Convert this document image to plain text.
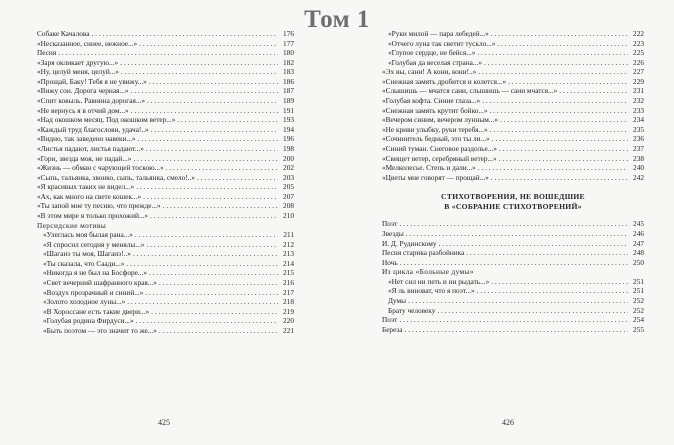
Том 1
Собаке Качалова . . .	176
«Несказанное, синее, нежное...» . . .	177
Песня . . .	180
«Заря окликает другую...» . . .	182
«Ну, целуй меня, целуй...» . . .	183
«Прощай, Баку! Тебя я не увижу...» . . .	186
«Вижу сон. Дорога черная...» . . .	187
«Спит ковыль. Равнина дорогая...» . . .	189
«Не вернусь я в отчий дом...» . . .	191
«Над окошком месяц. Под окошком ветер...» . . .	193
«Каждый труд благослови, удача!..» . . .	194
«Видно, так заведено навеки...» . . .	196
«Листья падают, листья падают...» . . .	198
«Гори, звезда моя, не падай...» . . .	200
«Жизнь — обман с чарующей тоскою...» . . .	202
«Сыпь, тальянка, звонко, сыпь, тальянка, смело!..» . . .	203
«Я красивых таких не видел...» . . .	205
«Ах, как много на свете кошек...» . . .	207
«Ты запой мне ту песню, что прежде...» . . .	208
«В этом мире я только прохожий...» . . .	210
Персидские мотивы
«Улеглась моя былая рана...» . . .	211
«Я спросил сегодня у менялы...» . . .	212
«Шаганэ ты моя, Шаганэ!..» . . .	213
«Ты сказала, что Саади...» . . .	214
«Никогда я не был на Босфоре...» . . .	215
«Свет вечерний шафранного края...» . . .	216
«Воздух прозрачный и синий...» . . .	217
«Золото холодное луны...» . . .	218
«В Хороссане есть такие двери...» . . .	219
«Голубая родина Фирдуси...» . . .	220
«Быть поэтом — это значит то же...» . . .	221
«Руки милой — пара лебедей...» . . .	222
«Отчего луна так светит тускло...» . . .	223
«Глупое сердце, не бейся...» . . .	225
«Голубая да веселая страна...» . . .	226
«Эх вы, сани! А кони, кони!..» . . .	227
«Снежная замять дробится и колется...» . . .	229
«Слышишь — мчатся сани, слышишь — сани мчатся...» . . .	231
«Голубая кофта. Синие глаза...» . . .	232
«Снежная замять крутит бойко...» . . .	233
«Вечером синим, вечером лунным...» . . .	234
«Не криви улыбку, руки теребя...» . . .	235
«Сочинитель бедный, это ты ли...» . . .	236
«Синий туман. Снеговое раздолье...» . . .	237
«Свищет ветер, серебряный ветер...» . . .	238
«Мелколесье. Степь и дали...» . . .	240
«Цветы мне говорят — прощай...» . . .	242
СТИХОТВОРЕНИЯ, НЕ ВОШЕДШИЕ
В «СОБРАНИЕ СТИХОТВОРЕНИЙ»
Поэт . . .	245
Звезды . . .	246
И. Д. Рудинскому . . .	247
Песня старика разбойника . . .	248
Ночь . . .	250
Из цикла «Больные думы»
«Нет сил ни петь и ни рыдать...» . . .	251
«Я ль виноват, что я поэт...» . . .	251
Думы . . .	252
Брату человеку . . .	252
Поэт . . .	254
Береза . . .	255
425	426
